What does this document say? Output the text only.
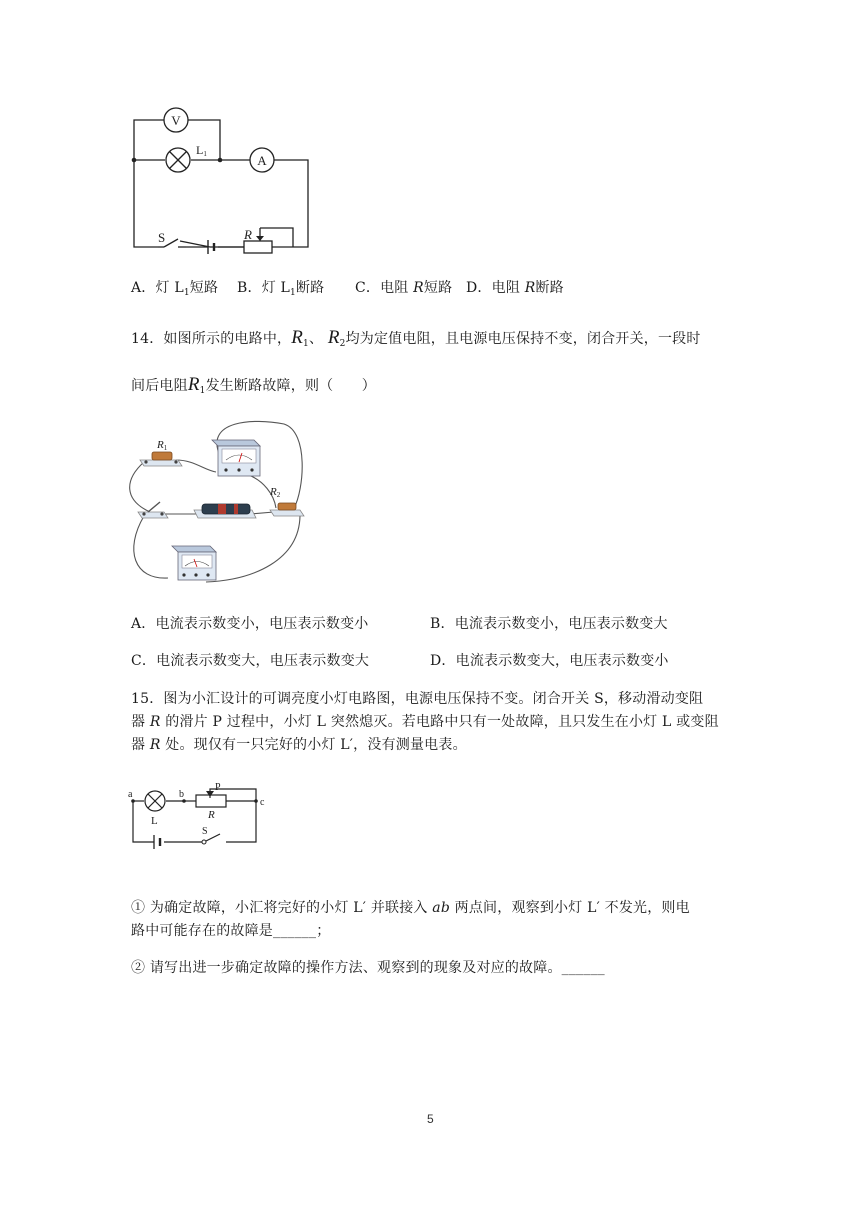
V
L1	A
S	R
A．灯 $L_1$短路 B．灯 $L_1$断路 C．电阻 R短路 D．电阻 R断路
14．如图所示的电路中，$R_1$、 $R_2$均为定值电阻，且电源电压保持不变，闭合开关，一段时
间后电阻$R_1$发生断路故障，则（　　）
R1
R2
A．电流表示数变小，电压表示数变小	B．电流表示数变小，电压表示数变大
C．电流表示数变大，电压表示数变大	D．电流表示数变大，电压表示数变小
15．图为小汇设计的可调亮度小灯电路图，电源电压保持不变。闭合开关 S，移动滑动变阻
器 R 的滑片 P 过程中，小灯 L 突然熄灭。若电路中只有一处故障，且只发生在小灯 L 或变阻
器 R 处。现仅有一只完好的小灯 L′，没有测量电表。
a	b
c
P
R
L
S
① 为确定故障，小汇将完好的小灯 L′ 并联接入 ab 两点间，观察到小灯 L′ 不发光，则电
路中可能存在的故障是______；
② 请写出进一步确定故障的操作方法、观察到的现象及对应的故障。______
5
